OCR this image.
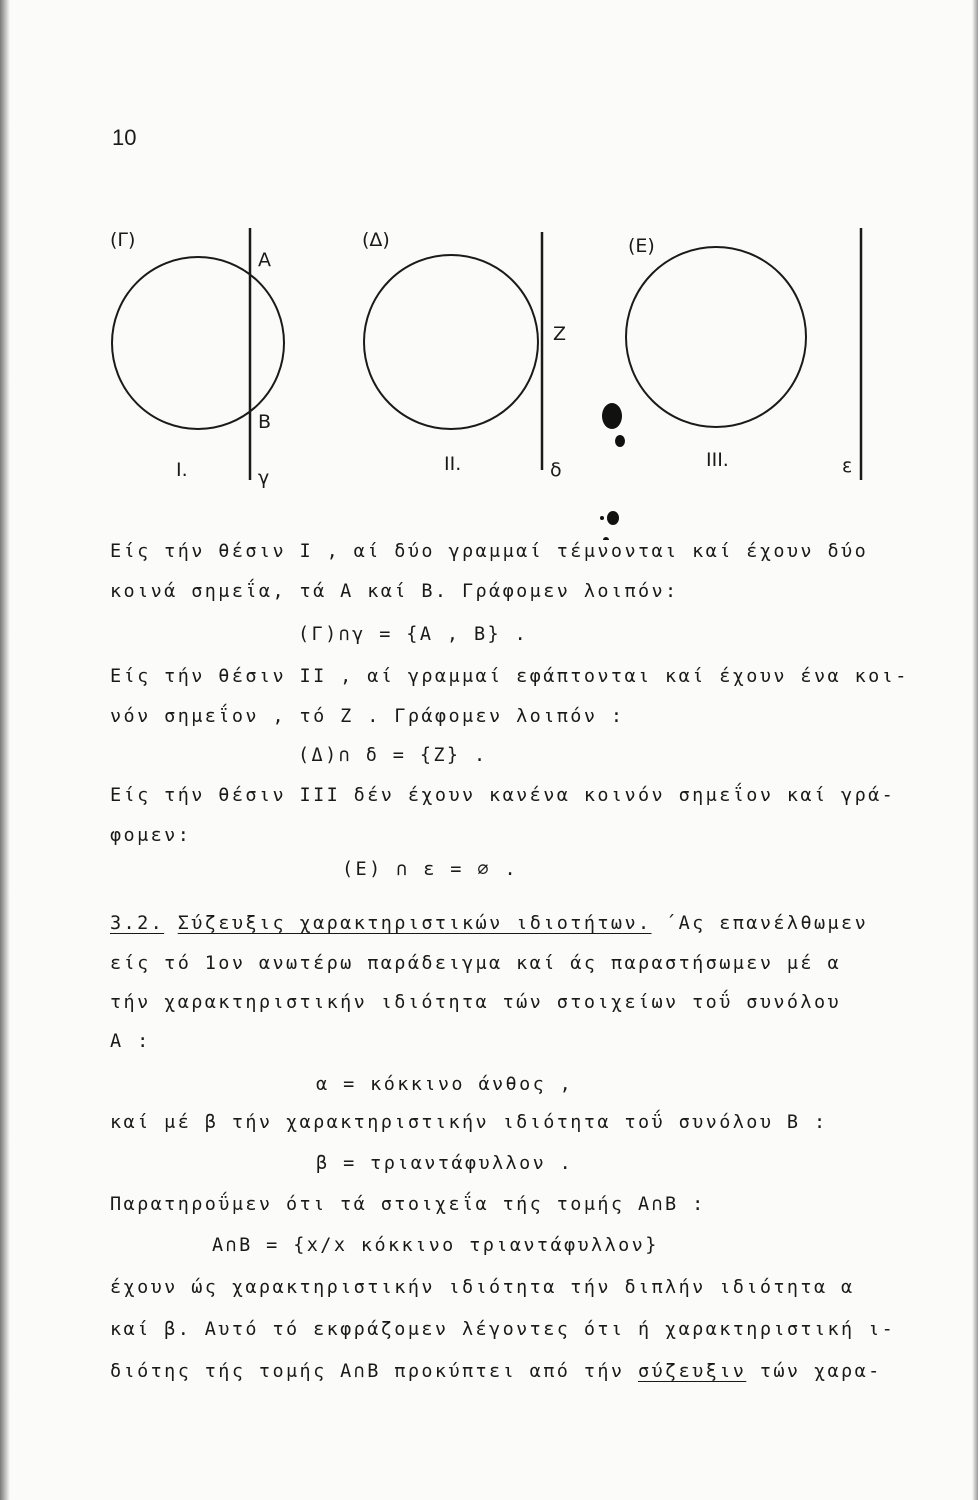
10
(Γ)
Α
Β
γ
I.
(Δ)
Ζ
δ
II.
(Ε)
ε
III.
Είς τήν θέσιν Ι , αί δύο γραμμαί τέμνονται καί έχουν δύο
κοινά σημεΐα, τά Α καί Β. Γράφομεν λοιπόν:
(Γ)∩γ = {Α , Β} .
Είς τήν θέσιν II , αί γραμμαί εφάπτονται καί έχουν ένα κοι-
νόν σημεΐον , τό Ζ . Γράφομεν λοιπόν :
(Δ)∩ δ = {Ζ} .
Είς τήν θέσιν III δέν έχουν κανένα κοινόν σημεΐον καί γρά-
φομεν:
(Ε) ∩ ε = ∅ .
3.2. Σύζευξις χαρακτηριστικών ιδιοτήτων. ΄Ας επανέλθωμεν
είς τό 1ον ανωτέρω παράδειγμα καί άς παραστήσωμεν μέ α
τήν χαρακτηριστικήν ιδιότητα τών στοιχείων τοΰ συνόλου
Α :
α = κόκκινο άνθος ,
καί μέ β τήν χαρακτηριστικήν ιδιότητα τοΰ συνόλου Β :
β = τριαντάφυλλον .
Παρατηροΰμεν ότι τά στοιχεΐα τής τομής Α∩Β :
Α∩Β = {x/x κόκκινο τριαντάφυλλον}
έχουν ώς χαρακτηριστικήν ιδιότητα τήν διπλήν ιδιότητα α
καί β. Αυτό τό εκφράζομεν λέγοντες ότι ή χαρακτηριστική ι-
διότης τής τομής Α∩Β προκύπτει από τήν σύζευξιν τών χαρα-
